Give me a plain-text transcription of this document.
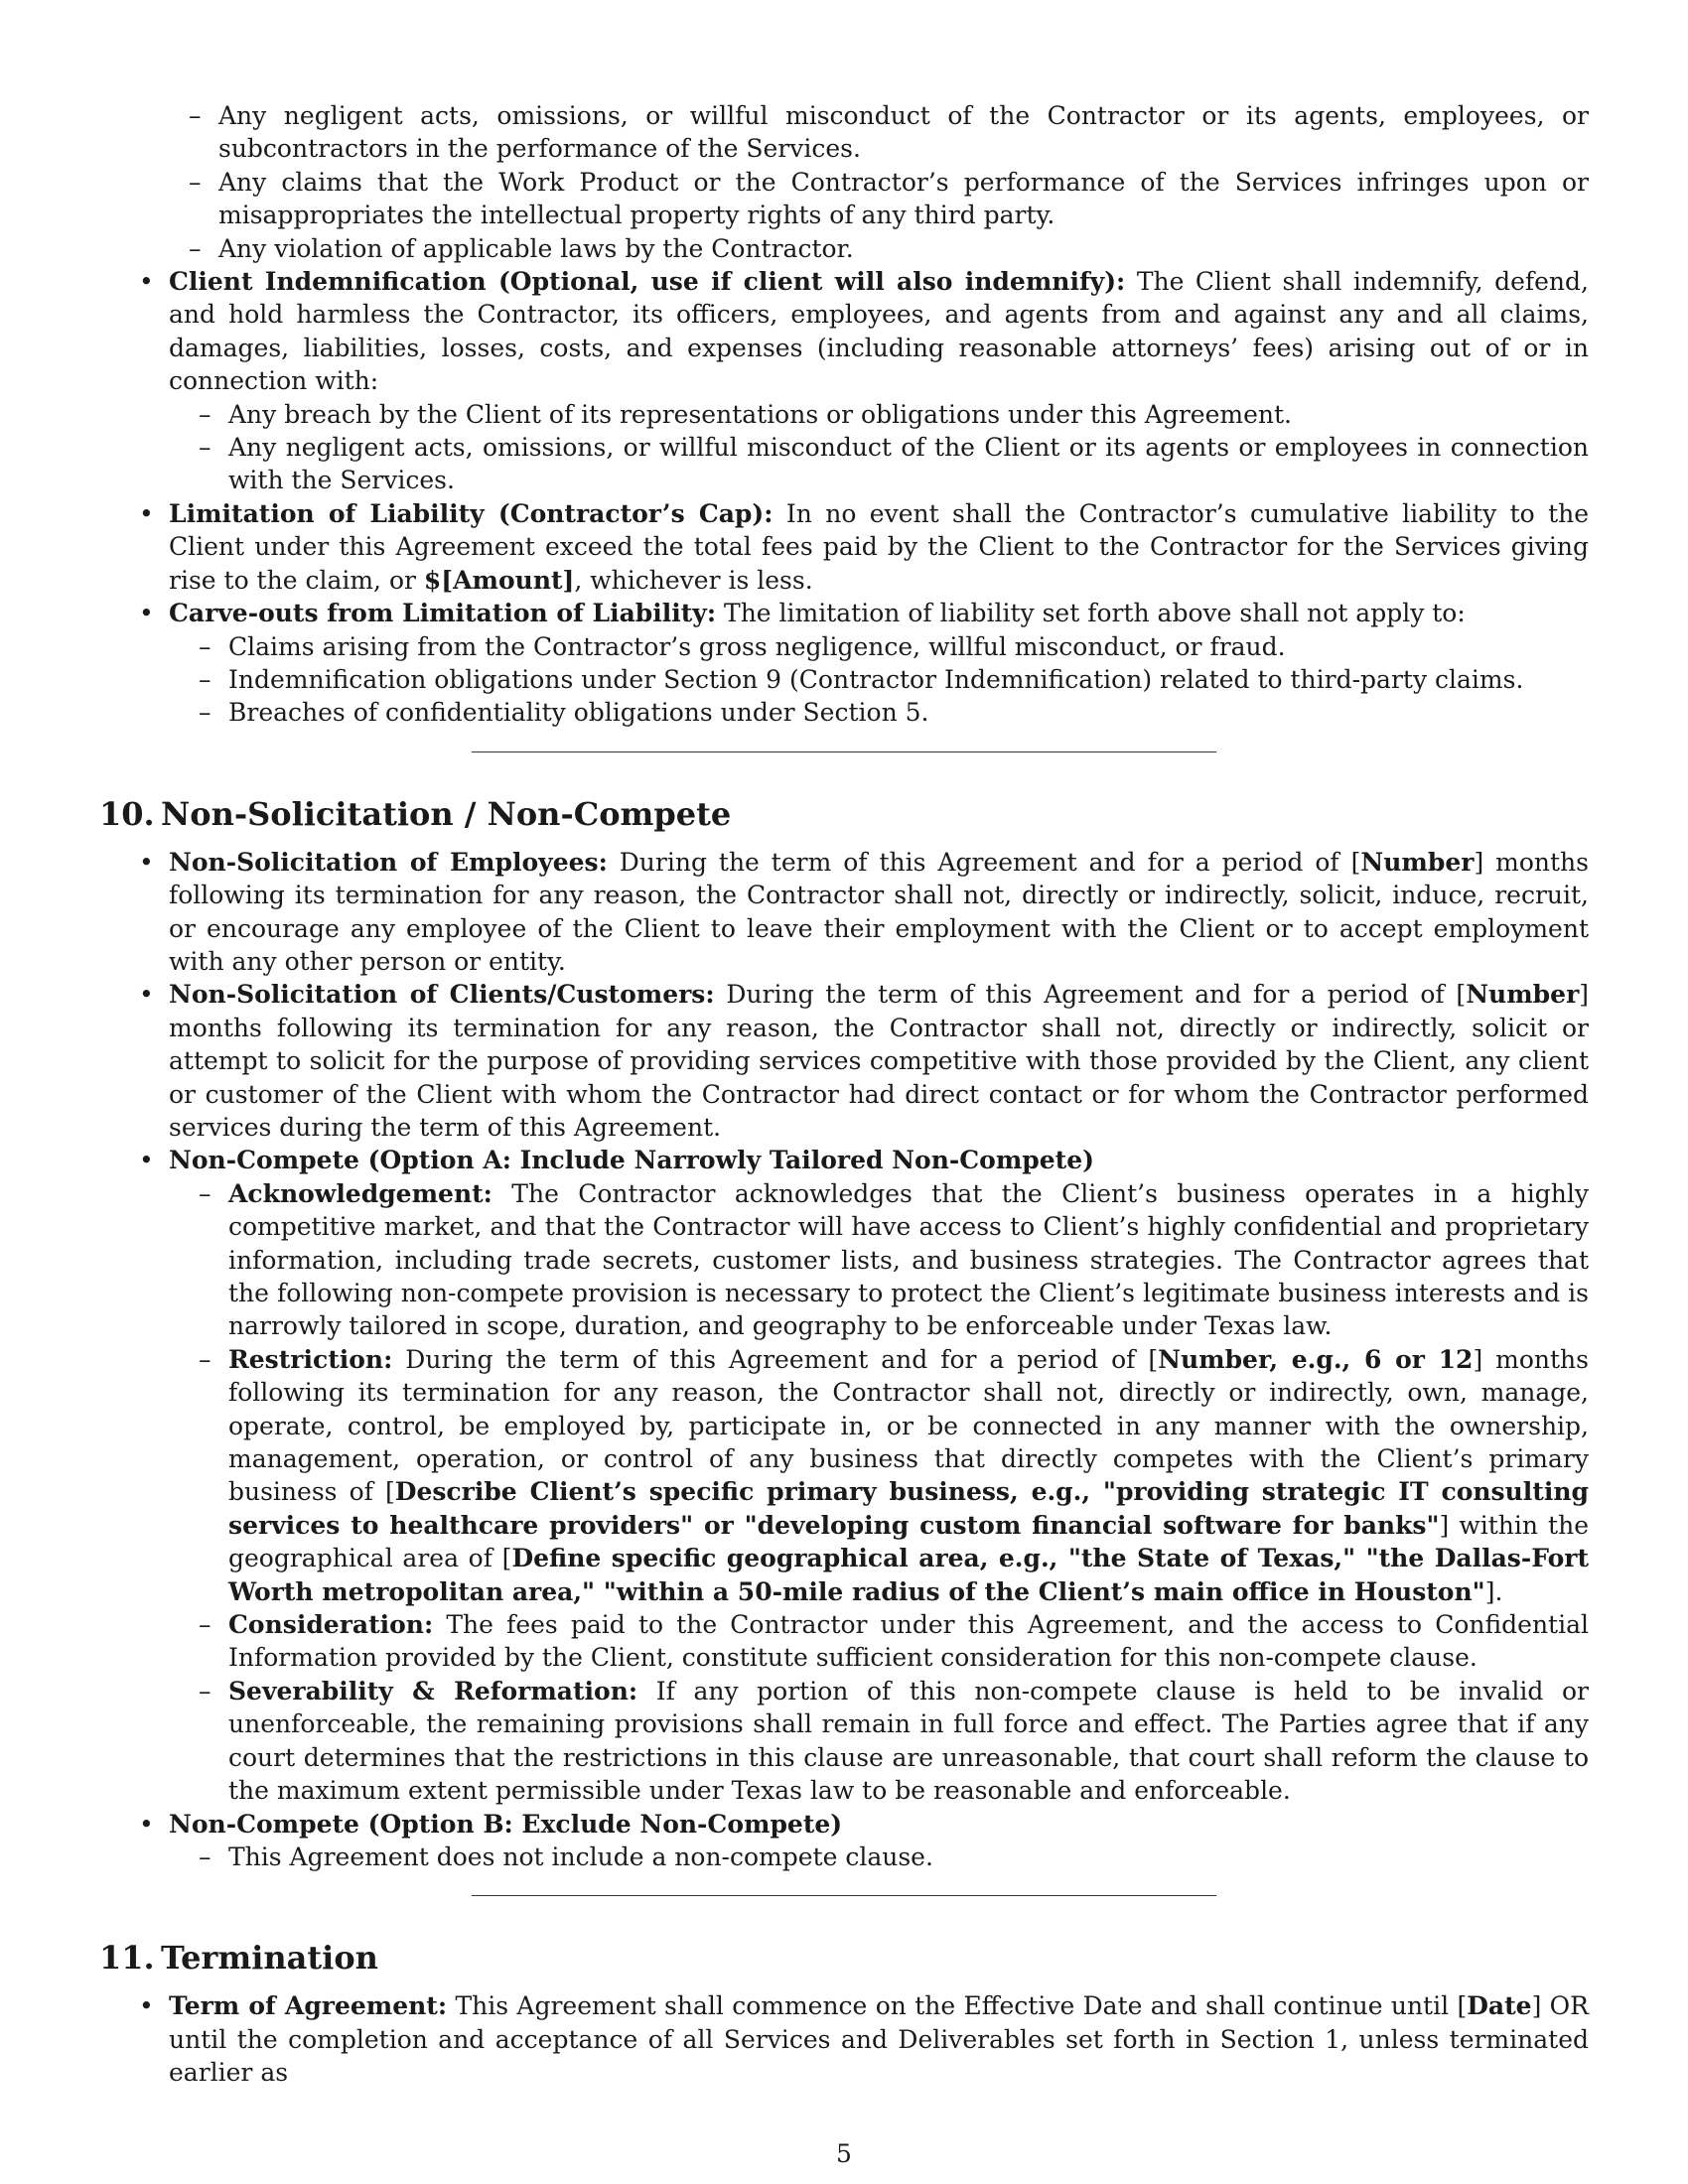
– Any negligent acts, omissions, or willful misconduct of the Contractor or its agents, employees, or subcontractors in the performance of the Services.
– Any claims that the Work Product or the Contractor’s performance of the Services infringes upon or misappropriates the intellectual property rights of any third party.
– Any violation of applicable laws by the Contractor.
• Client Indemnification (Optional, use if client will also indemnify): The Client shall indemnify, defend, and hold harmless the Contractor, its officers, employees, and agents from and against any and all claims, damages, liabilities, losses, costs, and expenses (including reasonable attorneys’ fees) arising out of or in connection with:
– Any breach by the Client of its representations or obligations under this Agreement.
– Any negligent acts, omissions, or willful misconduct of the Client or its agents or employees in connection with the Services.
• Limitation of Liability (Contractor’s Cap): In no event shall the Contractor’s cumulative liability to the Client under this Agreement exceed the total fees paid by the Client to the Contractor for the Services giving rise to the claim, or $[Amount], whichever is less.
• Carve-outs from Limitation of Liability: The limitation of liability set forth above shall not apply to:
– Claims arising from the Contractor’s gross negligence, willful misconduct, or fraud.
– Indemnification obligations under Section 9 (Contractor Indemnification) related to third-party claims.
– Breaches of confidentiality obligations under Section 5.
10. Non-Solicitation / Non-Compete
• Non-Solicitation of Employees: During the term of this Agreement and for a period of [Number] months following its termination for any reason, the Contractor shall not, directly or indirectly, solicit, induce, recruit, or encourage any employee of the Client to leave their employment with the Client or to accept employment with any other person or entity.
• Non-Solicitation of Clients/Customers: During the term of this Agreement and for a period of [Number] months following its termination for any reason, the Contractor shall not, directly or indirectly, solicit or attempt to solicit for the purpose of providing services competitive with those provided by the Client, any client or customer of the Client with whom the Contractor had direct contact or for whom the Contractor performed services during the term of this Agreement.
• Non-Compete (Option A: Include Narrowly Tailored Non-Compete)
– Acknowledgement: The Contractor acknowledges that the Client’s business operates in a highly competitive market, and that the Contractor will have access to Client’s highly confidential and proprietary information, including trade secrets, customer lists, and business strategies. The Contractor agrees that the following non-compete provision is necessary to protect the Client’s legitimate business interests and is narrowly tailored in scope, duration, and geography to be enforceable under Texas law.
– Restriction: During the term of this Agreement and for a period of [Number, e.g., 6 or 12] months following its termination for any reason, the Contractor shall not, directly or indirectly, own, manage, operate, control, be employed by, participate in, or be connected in any manner with the ownership, management, operation, or control of any business that directly competes with the Client’s primary business of [Describe Client’s specific primary business, e.g., "providing strategic IT consulting services to healthcare providers" or "developing custom financial software for banks"] within the geographical area of [Define specific geographical area, e.g., "the State of Texas," "the Dallas-Fort Worth metropolitan area," "within a 50-mile radius of the Client’s main office in Houston"].
– Consideration: The fees paid to the Contractor under this Agreement, and the access to Confidential Information provided by the Client, constitute sufficient consideration for this non-compete clause.
– Severability & Reformation: If any portion of this non-compete clause is held to be invalid or unenforceable, the remaining provisions shall remain in full force and effect. The Parties agree that if any court determines that the restrictions in this clause are unreasonable, that court shall reform the clause to the maximum extent permissible under Texas law to be reasonable and enforceable.
• Non-Compete (Option B: Exclude Non-Compete)
– This Agreement does not include a non-compete clause.
11. Termination
• Term of Agreement: This Agreement shall commence on the Effective Date and shall continue until [Date] OR until the completion and acceptance of all Services and Deliverables set forth in Section 1, unless terminated earlier as
5
